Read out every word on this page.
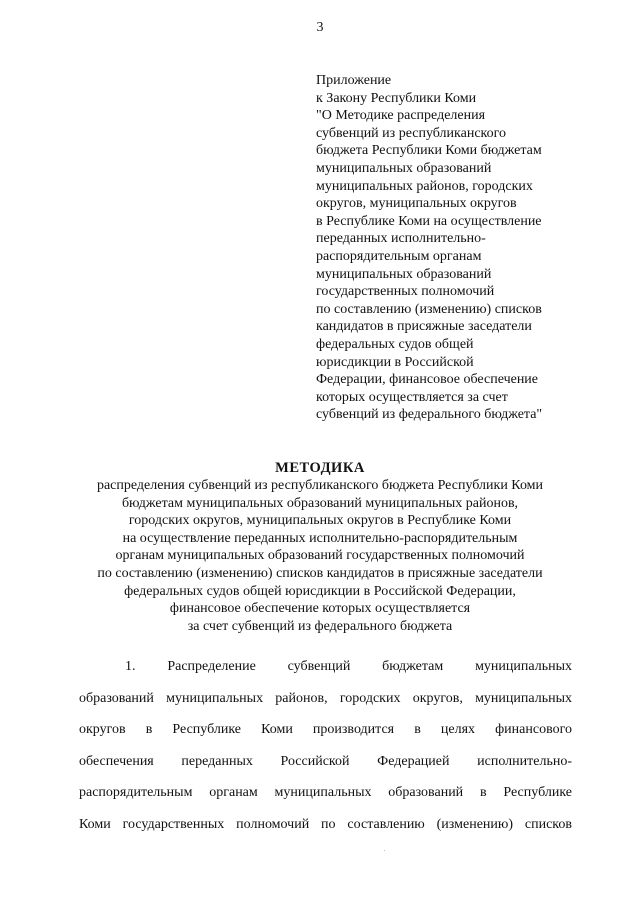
3
Приложение
к Закону Республики Коми
"О Методике распределения
субвенций из республиканского
бюджета Республики Коми бюджетам
муниципальных образований
муниципальных районов, городских
округов, муниципальных округов
в Республике Коми на осуществление
переданных исполнительно-
распорядительным органам
муниципальных образований
государственных полномочий
по составлению (изменению) списков
кандидатов в присяжные заседатели
федеральных судов общей
юрисдикции в Российской
Федерации, финансовое обеспечение
которых осуществляется за счет
субвенций из федерального бюджета"
МЕТОДИКА
распределения субвенций из республиканского бюджета Республики Коми
бюджетам муниципальных образований муниципальных районов,
городских округов, муниципальных округов в Республике Коми
на осуществление переданных исполнительно-распорядительным
органам муниципальных образований государственных полномочий
по составлению (изменению) списков кандидатов в присяжные заседатели
федеральных судов общей юрисдикции в Российской Федерации,
финансовое обеспечение которых осуществляется
за счет субвенций из федерального бюджета
1. Распределение субвенций бюджетам муниципальных
образований муниципальных районов, городских округов, муниципальных
округов в Республике Коми производится в целях финансового
обеспечения переданных Российской Федерацией исполнительно-
распорядительным органам муниципальных образований в Республике
Коми государственных полномочий по составлению (изменению) списков
